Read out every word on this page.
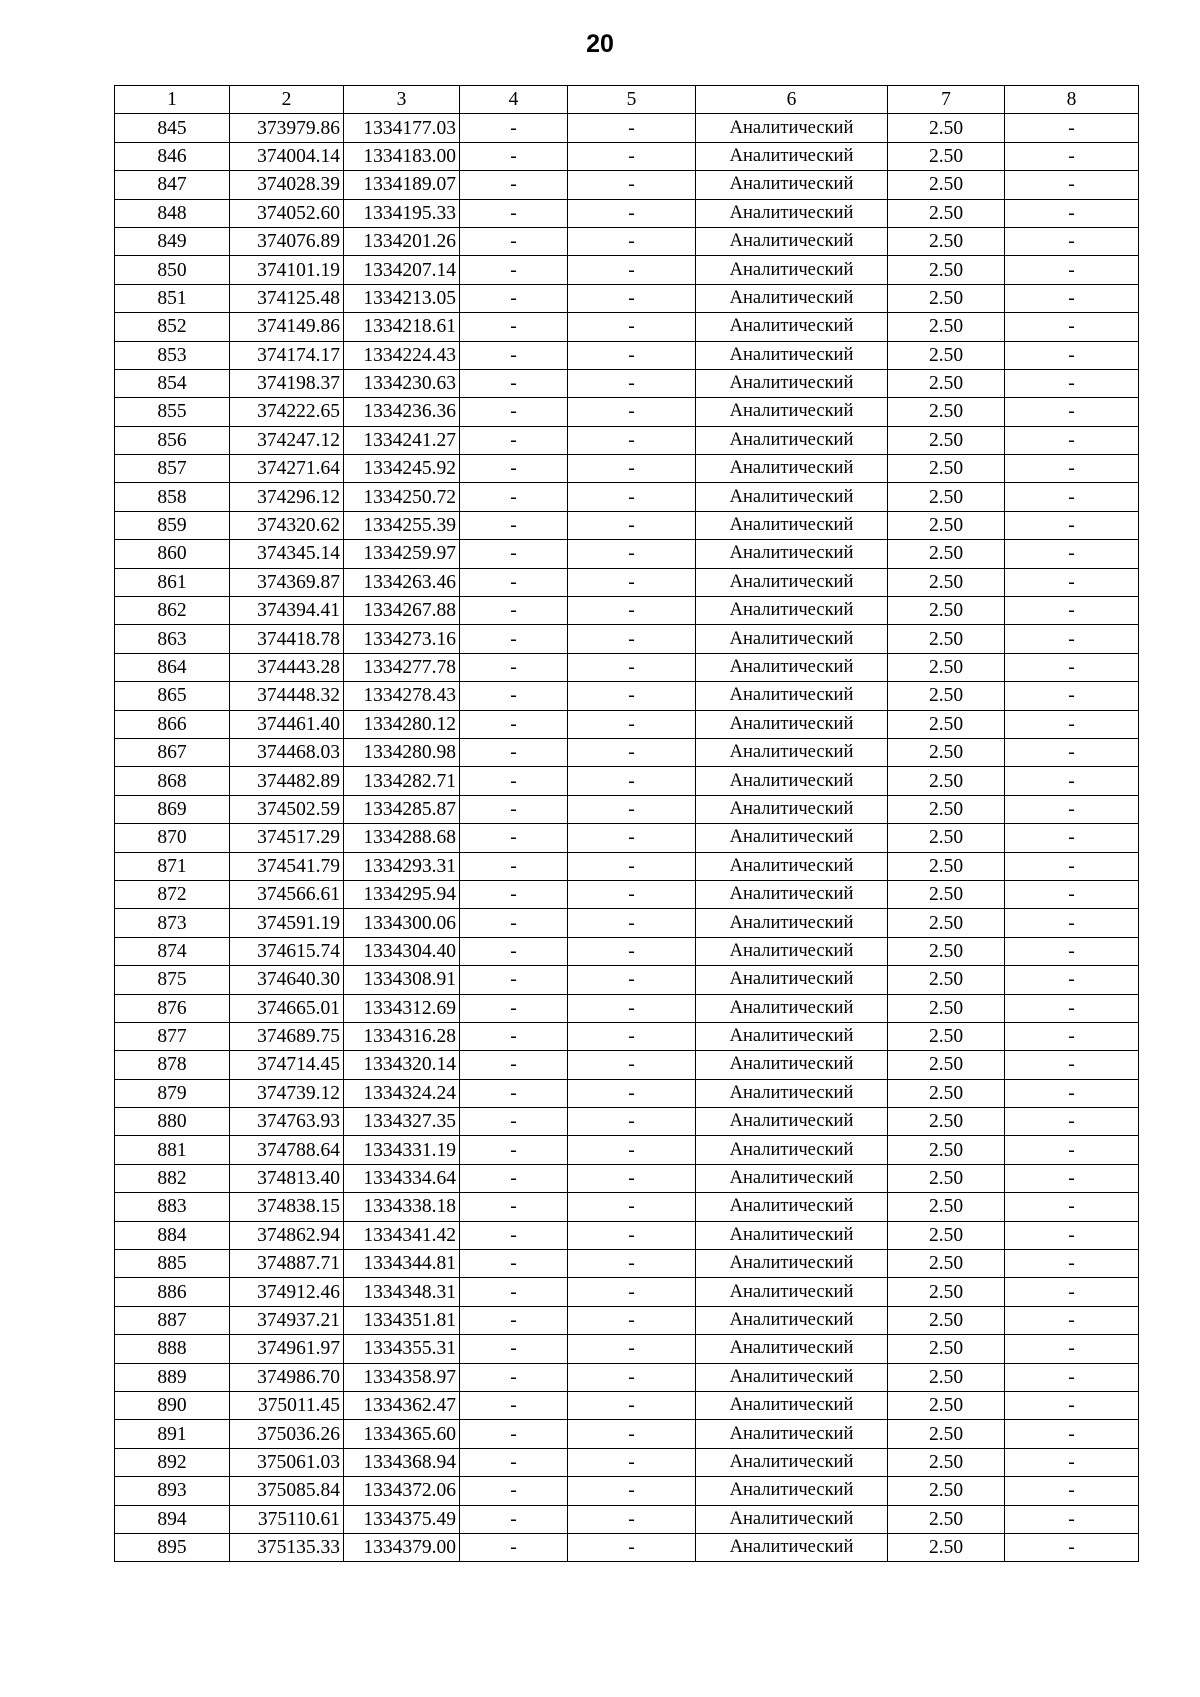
20
1	2	3	4	5	6	7	8
845	373979.86	1334177.03	-	-	Аналитический	2.50	-
846	374004.14	1334183.00	-	-	Аналитический	2.50	-
847	374028.39	1334189.07	-	-	Аналитический	2.50	-
848	374052.60	1334195.33	-	-	Аналитический	2.50	-
849	374076.89	1334201.26	-	-	Аналитический	2.50	-
850	374101.19	1334207.14	-	-	Аналитический	2.50	-
851	374125.48	1334213.05	-	-	Аналитический	2.50	-
852	374149.86	1334218.61	-	-	Аналитический	2.50	-
853	374174.17	1334224.43	-	-	Аналитический	2.50	-
854	374198.37	1334230.63	-	-	Аналитический	2.50	-
855	374222.65	1334236.36	-	-	Аналитический	2.50	-
856	374247.12	1334241.27	-	-	Аналитический	2.50	-
857	374271.64	1334245.92	-	-	Аналитический	2.50	-
858	374296.12	1334250.72	-	-	Аналитический	2.50	-
859	374320.62	1334255.39	-	-	Аналитический	2.50	-
860	374345.14	1334259.97	-	-	Аналитический	2.50	-
861	374369.87	1334263.46	-	-	Аналитический	2.50	-
862	374394.41	1334267.88	-	-	Аналитический	2.50	-
863	374418.78	1334273.16	-	-	Аналитический	2.50	-
864	374443.28	1334277.78	-	-	Аналитический	2.50	-
865	374448.32	1334278.43	-	-	Аналитический	2.50	-
866	374461.40	1334280.12	-	-	Аналитический	2.50	-
867	374468.03	1334280.98	-	-	Аналитический	2.50	-
868	374482.89	1334282.71	-	-	Аналитический	2.50	-
869	374502.59	1334285.87	-	-	Аналитический	2.50	-
870	374517.29	1334288.68	-	-	Аналитический	2.50	-
871	374541.79	1334293.31	-	-	Аналитический	2.50	-
872	374566.61	1334295.94	-	-	Аналитический	2.50	-
873	374591.19	1334300.06	-	-	Аналитический	2.50	-
874	374615.74	1334304.40	-	-	Аналитический	2.50	-
875	374640.30	1334308.91	-	-	Аналитический	2.50	-
876	374665.01	1334312.69	-	-	Аналитический	2.50	-
877	374689.75	1334316.28	-	-	Аналитический	2.50	-
878	374714.45	1334320.14	-	-	Аналитический	2.50	-
879	374739.12	1334324.24	-	-	Аналитический	2.50	-
880	374763.93	1334327.35	-	-	Аналитический	2.50	-
881	374788.64	1334331.19	-	-	Аналитический	2.50	-
882	374813.40	1334334.64	-	-	Аналитический	2.50	-
883	374838.15	1334338.18	-	-	Аналитический	2.50	-
884	374862.94	1334341.42	-	-	Аналитический	2.50	-
885	374887.71	1334344.81	-	-	Аналитический	2.50	-
886	374912.46	1334348.31	-	-	Аналитический	2.50	-
887	374937.21	1334351.81	-	-	Аналитический	2.50	-
888	374961.97	1334355.31	-	-	Аналитический	2.50	-
889	374986.70	1334358.97	-	-	Аналитический	2.50	-
890	375011.45	1334362.47	-	-	Аналитический	2.50	-
891	375036.26	1334365.60	-	-	Аналитический	2.50	-
892	375061.03	1334368.94	-	-	Аналитический	2.50	-
893	375085.84	1334372.06	-	-	Аналитический	2.50	-
894	375110.61	1334375.49	-	-	Аналитический	2.50	-
895	375135.33	1334379.00	-	-	Аналитический	2.50	-
